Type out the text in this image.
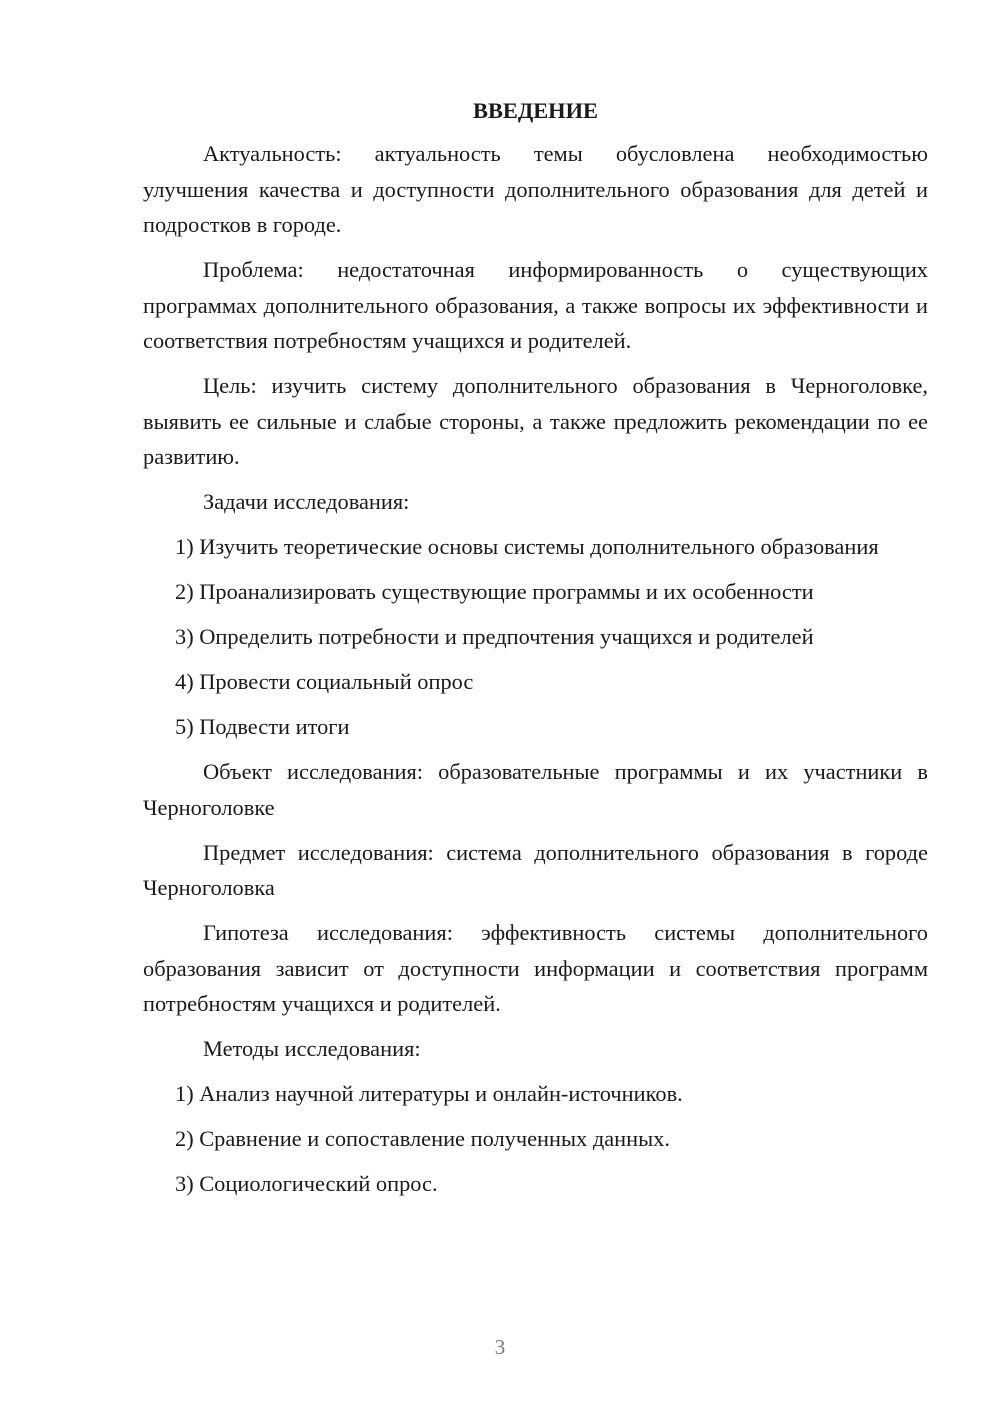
ВВЕДЕНИЕ

Актуальность: актуальность темы обусловлена необходимостью улучшения качества и доступности дополнительного образования для детей и подростков в городе.

Проблема: недостаточная информированность о существующих программах дополнительного образования, а также вопросы их эффективности и соответствия потребностям учащихся и родителей.

Цель: изучить систему дополнительного образования в Черноголовке, выявить ее сильные и слабые стороны, а также предложить рекомендации по ее развитию.

Задачи исследования:

1) Изучить теоретические основы системы дополнительного образования

2) Проанализировать существующие программы и их особенности

3) Определить потребности и предпочтения учащихся и родителей

4) Провести социальный опрос

5) Подвести итоги

Объект исследования: образовательные программы и их участники в Черноголовке

Предмет исследования: система дополнительного образования в городе Черноголовка

Гипотеза исследования: эффективность системы дополнительного образования зависит от доступности информации и соответствия программ потребностям учащихся и родителей.

Методы исследования:

1) Анализ научной литературы и онлайн-источников.

2) Сравнение и сопоставление полученных данных.

3) Социологический опрос.

3
